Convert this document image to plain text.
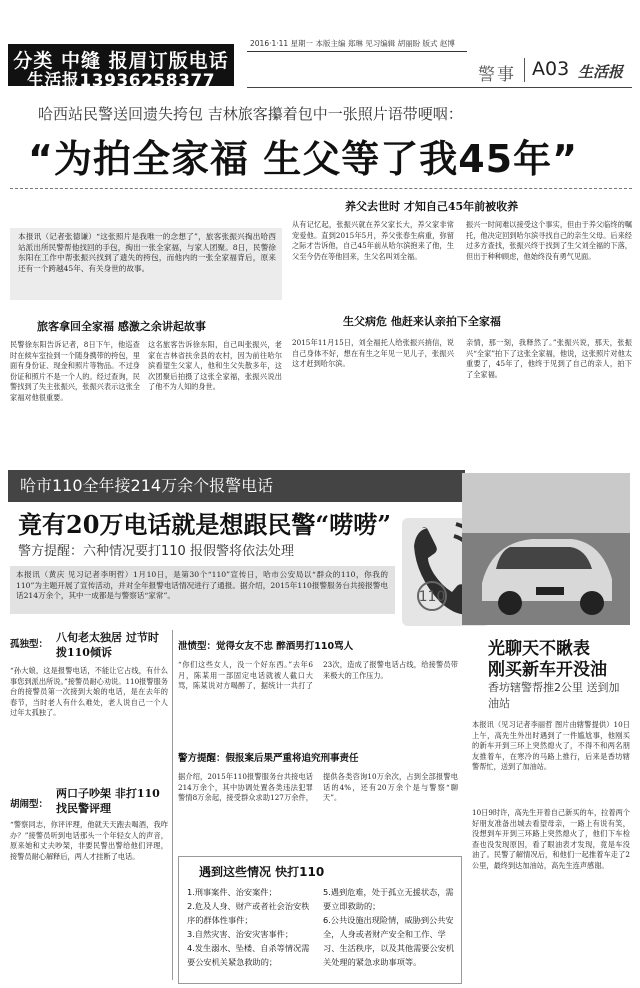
分类 中缝 报眉订版电话
生活报13936258377
2016·1·11 星期一 本版主编 郑琳 见习编辑 胡丽盼 版式 赵博
警事 A03 生活报
哈西站民警送回遗失挎包 吉林旅客攥着包中一张照片语带哽咽：
“为拍全家福 生父等了我45年”
本报讯（记者张德谦）“这张照片是我唯一的念想了”，旅客张振兴掏出哈西站派出所民警帮他找回的手包，掏出一张全家福，与家人团聚。8日，民警徐东阳在工作中帮张振兴找到了遗失的挎包，而他内的一张全家福背后，原来还有一个跨越45年、有关身世的故事。
旅客拿回全家福 感激之余讲起故事
民警徐东阳告诉记者，8日下午，他巡查时在候车室捡到一个随身携带的挎包，里面有身份证、现金和照片等物品。不过身份证和照片不是一个人的。经过查询，民警找到了失主张振兴，张振兴表示这张全家福对他很重要。
这名旅客告诉徐东阳，自己叫张振兴，老家在吉林省扶余县的农村，因为前往哈尔滨看望生父家人，他和生父失散多年，这次团聚后拍摄了这张全家福，张振兴说出了他不为人知的身世。
养父去世时 才知自己45年前被收养
从有记忆起，张振兴就在养父家长大，养父家非常宠爱他。直到2015年5月，养父张春生病重，弥留之际才告诉他，自己45年前从哈尔滨抱来了他，生父至今仍在等他回来，生父名叫刘全福。
振兴一时间难以接受这个事实，但由于养父临终的嘱托，他决定回到哈尔滨寻找自己的亲生父母。后来经过多方查找，张振兴终于找到了生父刘全福的下落，但出于种种顾虑，他始终没有勇气见面。
生父病危 他赶来认亲拍下全家福
2015年11月15日，刘全福托人给张振兴捎信，说自己身体不好，想在有生之年见一见儿子，张振兴这才赶到哈尔滨。
亲情，那一刻，我释然了。”张振兴说，那天，张振兴“全家”拍下了这张全家福，他说，这张照片对他太重要了，45年了，他终于见到了自己的亲人，拍下了全家福。
哈市110全年接214万余个报警电话
竟有20万电话就是想跟民警“唠唠”
警方提醒：六种情况要打110 报假警将依法处理
110
本报讯（黄庆 见习记者李明哲）1月10日，是第30个“110”宣传日，哈市公安局以“群众的110，你我的110”为主题开展了宣传活动，并对全年报警电话情况进行了通报。据介绍，2015年110报警服务台共接报警电话214万余个，其中一成都是与警察话“家常”。
孤独型：
八旬老太独居 过节时拨110倾诉
“孙大娘，这是报警电话，不能让它占线，有什么事您到派出所说。”接警员耐心劝说。110报警服务台的接警员第一次接到大娘的电话，是在去年的春节，当时老人有什么难处，老人说自己一个人过年太孤独了。
胡闹型：
两口子吵架 非打110找民警评理
“警察同志，你评评理，他就天天跑去喝酒，我咋办？”接警员听到电话那头一个年轻女人的声音，原来她和丈夫吵架，非要民警出警给他们评理，接警员耐心解释后，两人才挂断了电话。
泄愤型：觉得女友不忠 醉酒男打110骂人
“你们这些女人，没一个好东西。”去年6月，陈某用一部固定电话就被人截口大骂，陈某说对方喝醉了，据统计一共打了23次，造成了报警电话占线，给接警员带来极大的工作压力。
警方提醒：假报案后果严重将追究刑事责任
据介绍，2015年110报警服务台共接电话214万余个，其中协调处置各类违法犯罪警情8万余起，接受群众求助127万余件，提供各类咨询10万余次，占到全部报警电话的4%，还有20万余个是与警察“聊天”。
遇到这些情况 快打110
1.刑事案件、治安案件；
2.危及人身、财产或者社会治安秩序的群体性事件；
3.自然灾害、治安灾害事件；
4.发生溺水、坠楼、自杀等情况需要公安机关紧急救助的；
5.遇到危难，处于孤立无援状态，需要立即救助的；
6.公共设施出现险情，威胁到公共安全，人身或者财产安全和工作、学习、生活秩序，以及其他需要公安机关处理的紧急求助事项等。
光聊天不瞅表
刚买新车开没油
香坊辖警帮推2公里 送到加油站
本报讯（见习记者李丽哲 图片由辖警提供）10日上午，高先生外出时遇到了一件尴尬事，他刚买的新车开到三环上突然熄火了，不得不和两名朋友推着车，在寒冷的马路上推行，后来是香坊辖警帮忙，送到了加油站。
10日9时许，高先生开着自己新买的车，拉着两个好朋友准备出城去看望母亲，一路上有说有笑，没想到车开到三环路上突然熄火了，他们下车检查也没发现原因，看了眼油表才发现，竟是车没油了。民警了解情况后，和他们一起推着车走了2公里，最终到达加油站，高先生连声感谢。
